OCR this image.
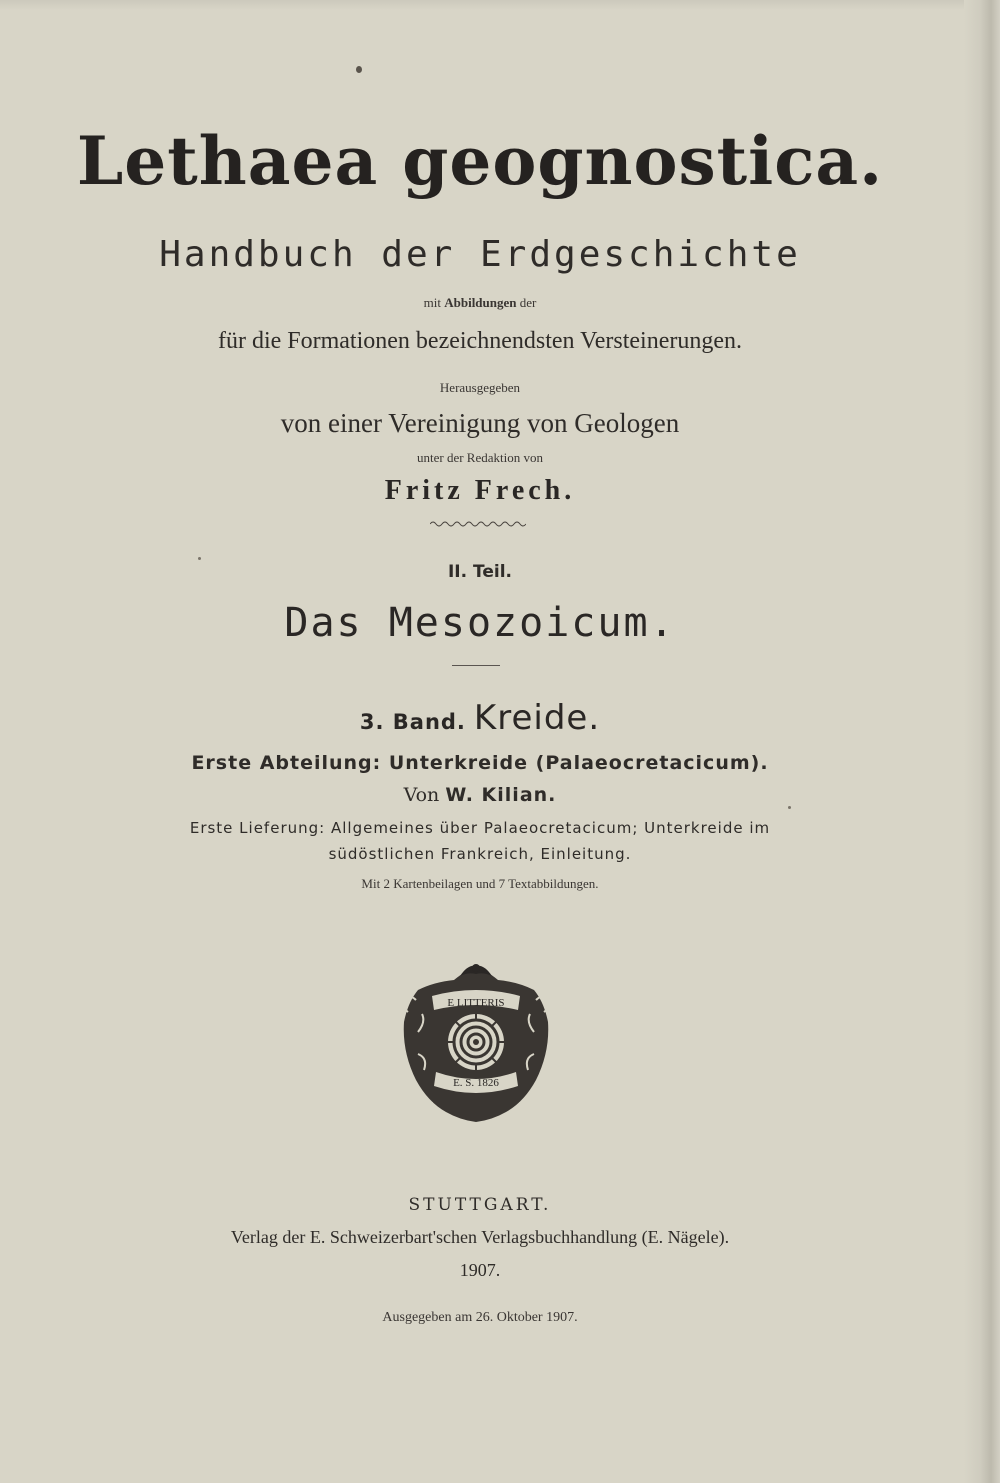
Lethaea geognostica.
Handbuch der Erdgeschichte
mit Abbildungen der
für die Formationen bezeichnendsten Versteinerungen.
Herausgegeben
von einer Vereinigung von Geologen
unter der Redaktion von
Fritz Frech.
II. Teil.
Das Mesozoicum.
3. Band. Kreide.
Erste Abteilung: Unterkreide (Palaeocretacicum).
Von W. Kilian.
Erste Lieferung: Allgemeines über Palaeocretacicum; Unterkreide im
südöstlichen Frankreich, Einleitung.
Mit 2 Kartenbeilagen und 7 Textabbildungen.
E LITTERIS
E. S. 1826
STUTTGART.
Verlag der E. Schweizerbart'schen Verlagsbuchhandlung (E. Nägele).
1907.
Ausgegeben am 26. Oktober 1907.
